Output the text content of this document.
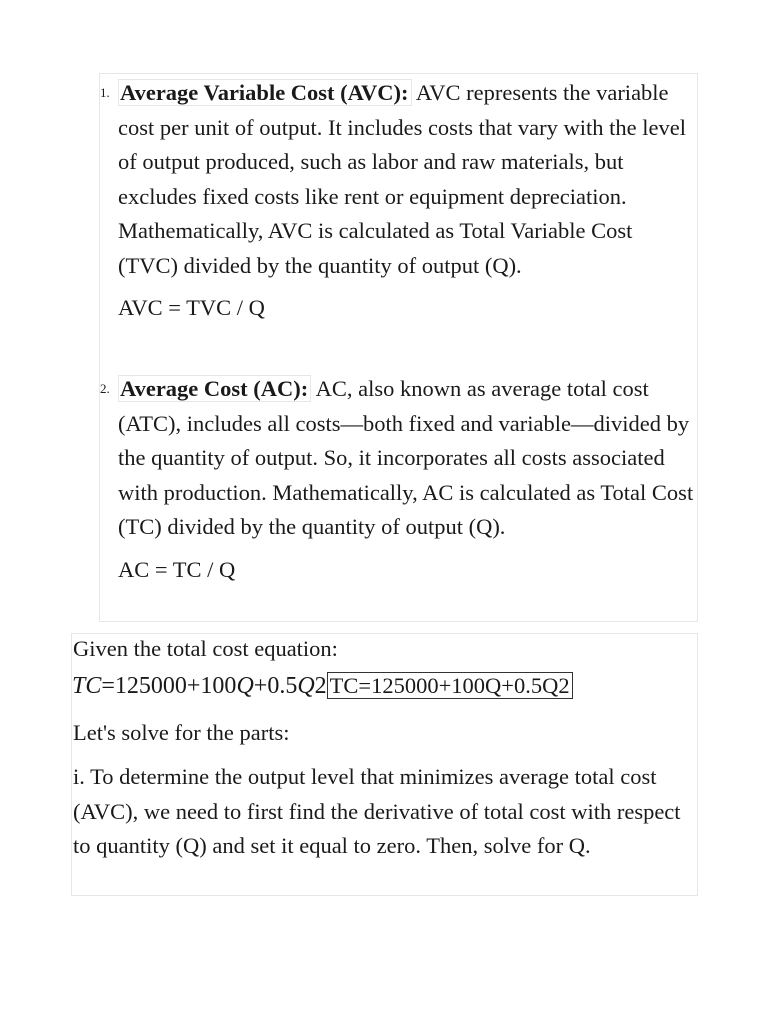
1. Average Variable Cost (AVC): AVC represents the variable cost per unit of output. It includes costs that vary with the level of output produced, such as labor and raw materials, but excludes fixed costs like rent or equipment depreciation. Mathematically, AVC is calculated as Total Variable Cost (TVC) divided by the quantity of output (Q).

AVC = TVC / Q

2. Average Cost (AC): AC, also known as average total cost (ATC), includes all costs—both fixed and variable—divided by the quantity of output. So, it incorporates all costs associated with production. Mathematically, AC is calculated as Total Cost (TC) divided by the quantity of output (Q).

AC = TC / Q

Given the total cost equation:

TC=125000+100Q+0.5Q2 TC=125000+100Q+0.5Q2

Let's solve for the parts:

i. To determine the output level that minimizes average total cost (AVC), we need to first find the derivative of total cost with respect to quantity (Q) and set it equal to zero. Then, solve for Q.
